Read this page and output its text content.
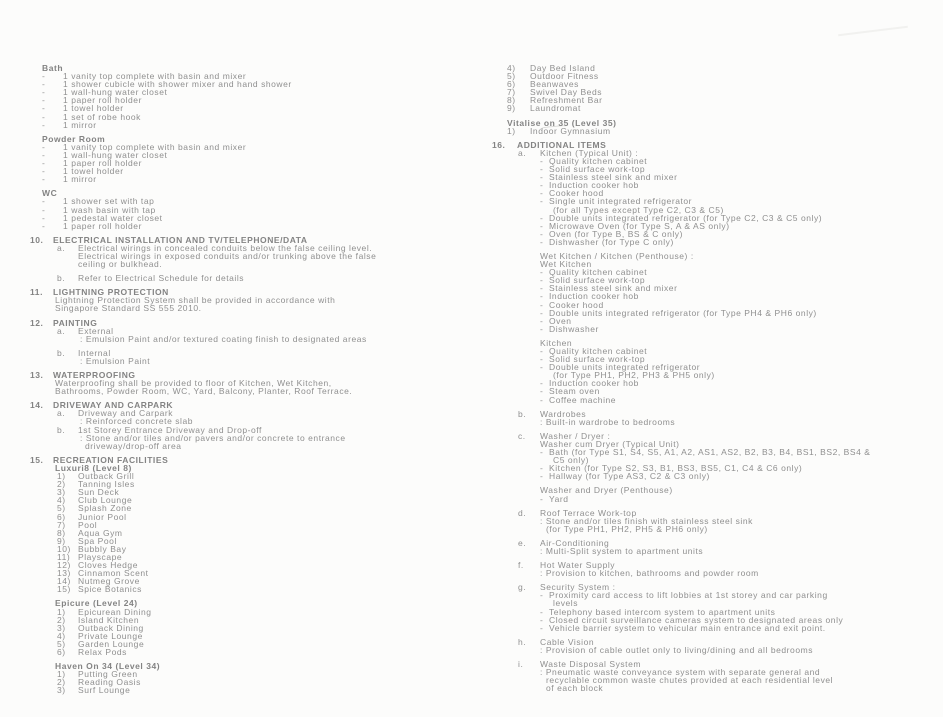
Bath
-	1 vanity top complete with basin and mixer
-	1 shower cubicle with shower mixer and hand shower
-	1 wall-hung water closet
-	1 paper roll holder
-	1 towel holder
-	1 set of robe hook
-	1 mirror
Powder Room
-	1 vanity top complete with basin and mixer
-	1 wall-hung water closet
-	1 paper roll holder
-	1 towel holder
-	1 mirror
WC
-	1 shower set with tap
-	1 wash basin with tap
-	1 pedestal water closet
-	1 paper roll holder
10.	ELECTRICAL INSTALLATION AND TV/TELEPHONE/DATA
a.	Electrical wirings in concealed conduits below the false ceiling level.
Electrical wirings in exposed conduits and/or trunking above the false
ceiling or bulkhead.
b.	Refer to Electrical Schedule for details
11.	LIGHTNING PROTECTION
Lightning Protection System shall be provided in accordance with
Singapore Standard SS 555 2010.
12.	PAINTING
a.	External
: Emulsion Paint and/or textured coating finish to designated areas
b.	Internal
: Emulsion Paint
13.	WATERPROOFING
Waterproofing shall be provided to floor of Kitchen, Wet Kitchen,
Bathrooms, Powder Room, WC, Yard, Balcony, Planter, Roof Terrace.
14.	DRIVEWAY AND CARPARK
a.	Driveway and Carpark
: Reinforced concrete slab
b.	1st Storey Entrance Driveway and Drop-off
: Stone and/or tiles and/or pavers and/or concrete to entrance
driveway/drop-off area
15.	RECREATION FACILITIES
Luxuri8 (Level 8)
1)	Outback Grill
2)	Tanning Isles
3)	Sun Deck
4)	Club Lounge
5)	Splash Zone
6)	Junior Pool
7)	Pool
8)	Aqua Gym
9)	Spa Pool
10) Bubbly Bay
11) Playscape
12) Cloves Hedge
13) Cinnamon Scent
14) Nutmeg Grove
15) Spice Botanics
Epicure (Level 24)
1)	Epicurean Dining
2)	Island Kitchen
3)	Outback Dining
4)	Private Lounge
5)	Garden Lounge
6)	Relax Pods
Haven On 34 (Level 34)
1)	Putting Green
2)	Reading Oasis
3)	Surf Lounge
4)	Day Bed Island
5)	Outdoor Fitness
6)	Beanwaves
7)	Swivel Day Beds
8)	Refreshment Bar
9)	Laundromat
Vitalise on 35 (Level 35)
1)	Indoor Gymnasium
16.	ADDITIONAL ITEMS
a.	Kitchen (Typical Unit) :
- Quality kitchen cabinet
- Solid surface work-top
- Stainless steel sink and mixer
- Induction cooker hob
- Cooker hood
- Single unit integrated refrigerator
(for all Types except Type C2, C3 & C5)
- Double units integrated refrigerator (for Type C2, C3 & C5 only)
- Microwave Oven (for Type S, A & AS only)
- Oven (for Type B, BS & C only)
- Dishwasher (for Type C only)
Wet Kitchen / Kitchen (Penthouse) :
Wet Kitchen
- Quality kitchen cabinet
- Solid surface work-top
- Stainless steel sink and mixer
- Induction cooker hob
- Cooker hood
- Double units integrated refrigerator (for Type PH4 & PH6 only)
- Oven
- Dishwasher
Kitchen
- Quality kitchen cabinet
- Solid surface work-top
- Double units integrated refrigerator
(for Type PH1, PH2, PH3 & PH5 only)
- Induction cooker hob
- Steam oven
- Coffee machine
b.	Wardrobes
: Built-in wardrobe to bedrooms
c.	Washer / Dryer :
Washer cum Dryer (Typical Unit)
- Bath (for Type S1, S4, S5, A1, A2, AS1, AS2, B2, B3, B4, BS1, BS2, BS4 &
C5 only)
- Kitchen (for Type S2, S3, B1, BS3, BS5, C1, C4 & C6 only)
- Hallway (for Type AS3, C2 & C3 only)
Washer and Dryer (Penthouse)
- Yard
d.	Roof Terrace Work-top
: Stone and/or tiles finish with stainless steel sink
(for Type PH1, PH2, PH5 & PH6 only)
e.	Air-Conditioning
: Multi-Split system to apartment units
f.	Hot Water Supply
: Provision to kitchen, bathrooms and powder room
g.	Security System :
- Proximity card access to lift lobbies at 1st storey and car parking
levels
- Telephony based intercom system to apartment units
- Closed circuit surveillance cameras system to designated areas only
- Vehicle barrier system to vehicular main entrance and exit point.
h.	Cable Vision
: Provision of cable outlet only to living/dining and all bedrooms
i.	Waste Disposal System
: Pneumatic waste conveyance system with separate general and
recyclable common waste chutes provided at each residential level
of each block
